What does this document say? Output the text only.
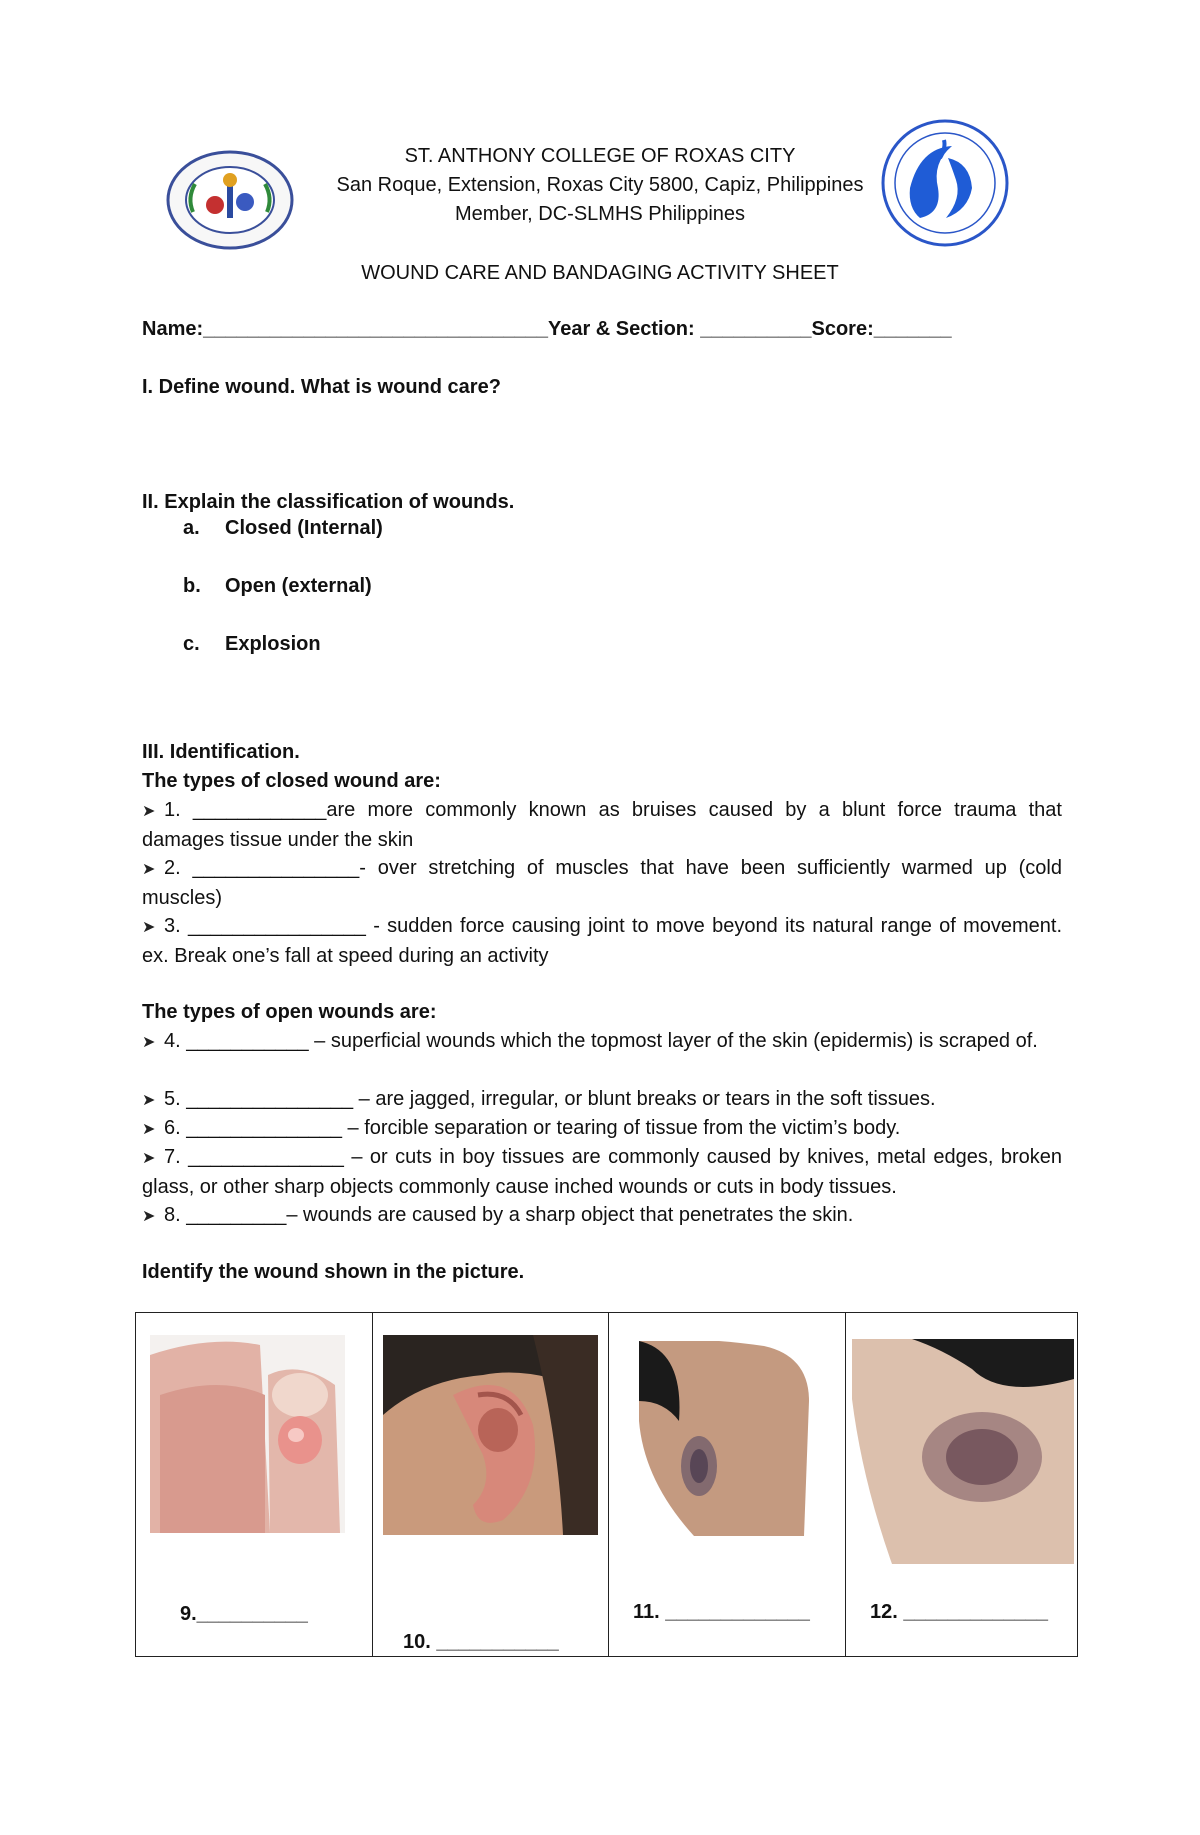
ST. ANTHONY COLLEGE OF ROXAS CITY
San Roque, Extension, Roxas City 5800, Capiz, Philippines
Member, DC-SLMHS Philippines
WOUND CARE AND BANDAGING ACTIVITY SHEET
Name:_______________________________Year & Section: __________Score:_______
I. Define wound. What is wound care?
II. Explain the classification of wounds.
a. Closed (Internal)
b. Open (external)
c. Explosion
III. Identification.
The types of closed wound are:
➤ 1. ____________are more commonly known as bruises caused by a blunt force trauma that damages tissue under the skin
➤ 2. _______________- over stretching of muscles that have been sufficiently warmed up (cold muscles)
➤ 3. ________________ - sudden force causing joint to move beyond its natural range of movement. ex. Break one’s fall at speed during an activity
The types of open wounds are:
➤ 4. ___________ – superficial wounds which the topmost layer of the skin (epidermis) is scraped of.
➤ 5. _______________ – are jagged, irregular, or blunt breaks or tears in the soft tissues.
➤ 6. ______________ – forcible separation or tearing of tissue from the victim’s body.
➤ 7. ______________ – or cuts in boy tissues are commonly caused by knives, metal edges, broken glass, or other sharp objects commonly cause inched wounds or cuts in body tissues.
➤ 8. _________– wounds are caused by a sharp object that penetrates the skin.
Identify the wound shown in the picture.
9.__________
10. ___________
11. _____________	12. _____________
